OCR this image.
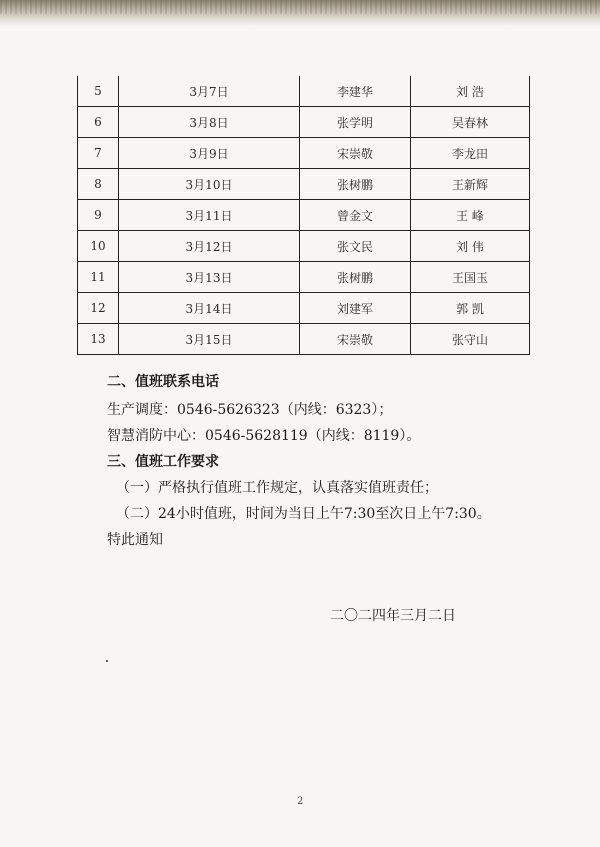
5	3月7日	李建华	刘 浩
6	3月8日	张学明	吴春林
7	3月9日	宋崇敬	李龙田
8	3月10日	张树鹏	王新辉
9	3月11日	曾金文	王 峰
10	3月12日	张文民	刘 伟
11	3月13日	张树鹏	王国玉
12	3月14日	刘建军	郭 凯
13	3月15日	宋崇敬	张守山
二、值班联系电话
生产调度：0546-5626323（内线：6323）；
智慧消防中心：0546-5628119（内线：8119）。
三、值班工作要求
（一）严格执行值班工作规定，认真落实值班责任；
（二）24小时值班，时间为当日上午7:30至次日上午7:30。
特此通知
二〇二四年三月二日
2
